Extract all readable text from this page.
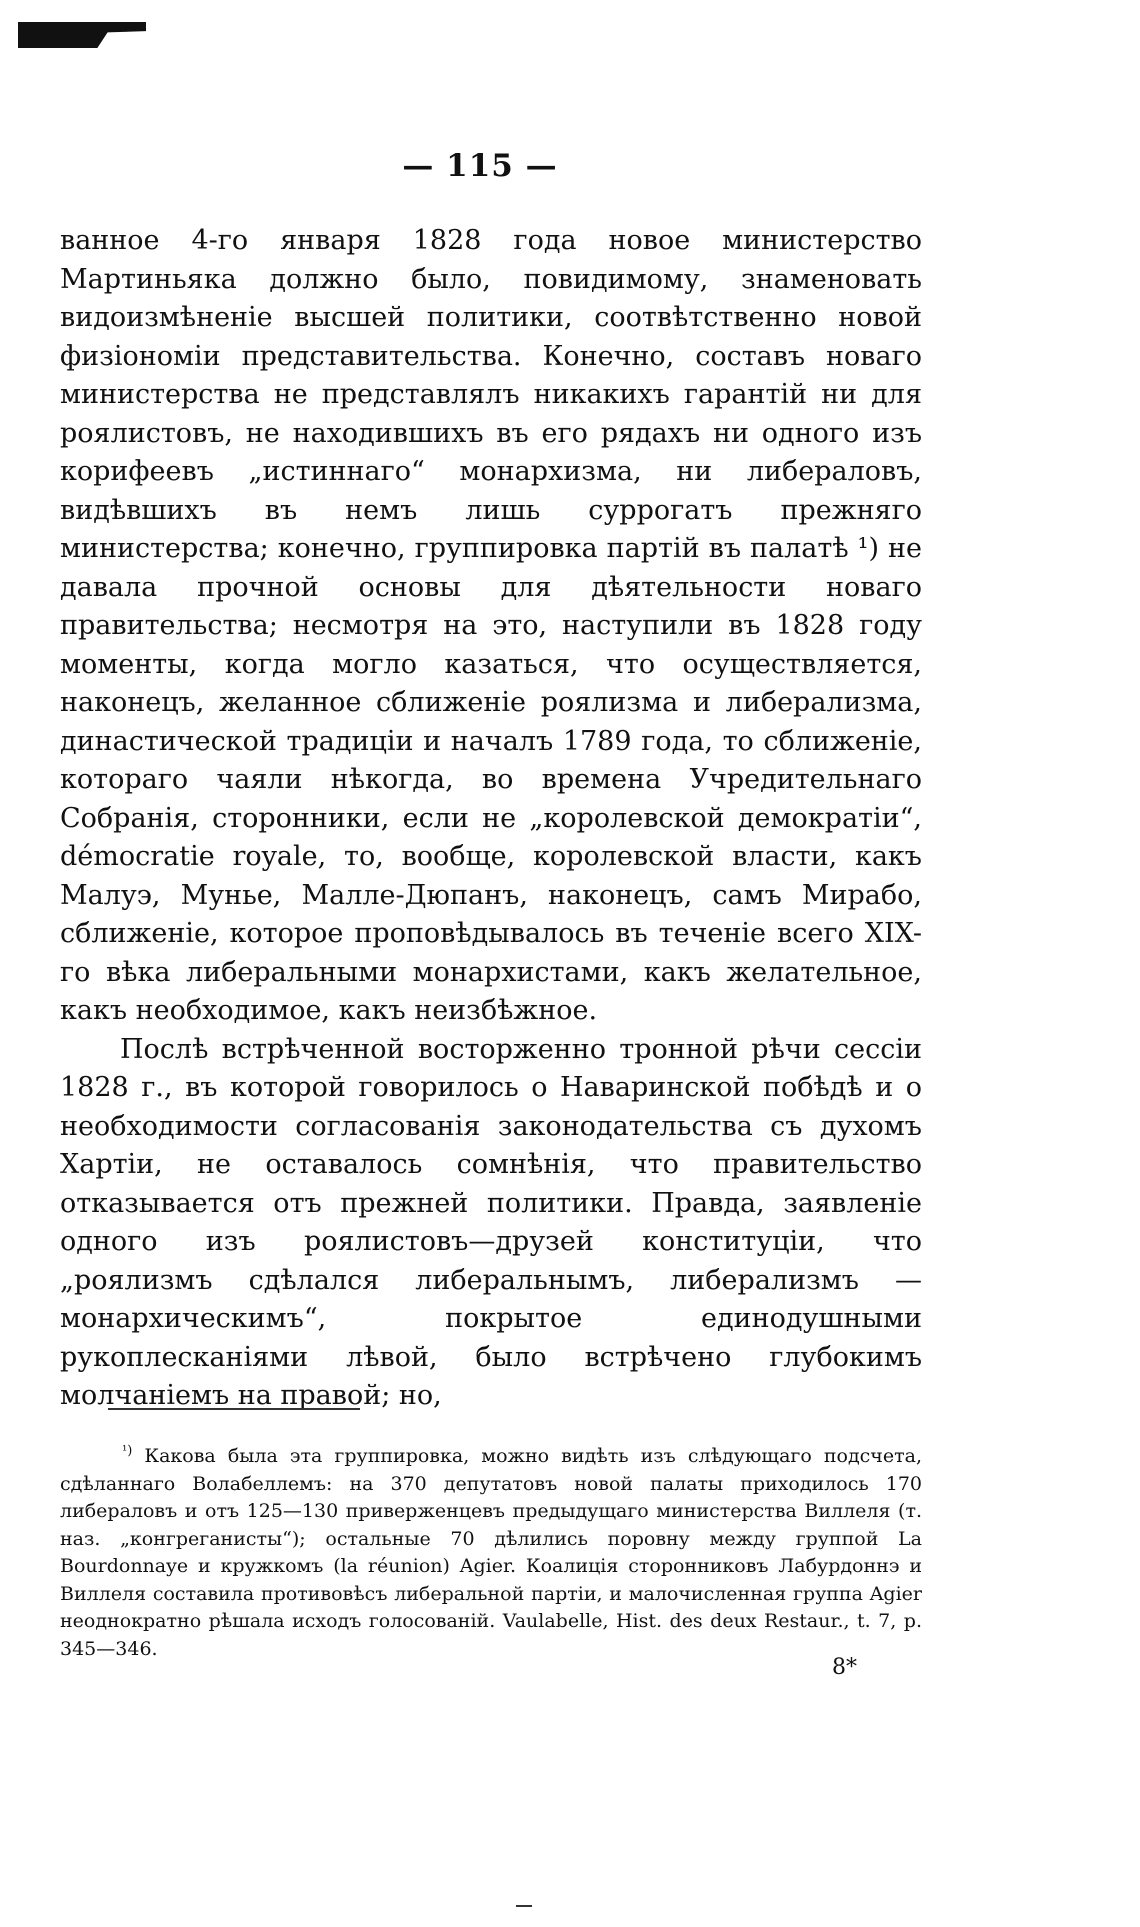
— 115 —

ванное 4-го января 1828 года новое министерство Мартиньяка должно было, повидимому, знаменовать видоизмѣненіе высшей политики, соотвѣтственно новой физіономіи представительства. Конечно, составъ новаго министерства не представлялъ никакихъ гарантій ни для роялистовъ, не находившихъ въ его рядахъ ни одного изъ корифеевъ „истиннаго“ монархизма, ни либераловъ, видѣвшихъ въ немъ лишь суррогатъ прежняго министерства; конечно, группировка партій въ палатѣ ¹) не давала прочной основы для дѣятельности новаго правительства; несмотря на это, наступили въ 1828 году моменты, когда могло казаться, что осуществляется, наконецъ, желанное сближеніе роялизма и либерализма, династической традиціи и началъ 1789 года, то сближеніе, котораго чаяли нѣкогда, во времена Учредительнаго Собранія, сторонники, если не „королевской демократіи“, démocratie royale, то, вообще, королевской власти, какъ Малуэ, Мунье, Малле-Дюпанъ, наконецъ, самъ Мирабо, сближеніе, которое проповѣдывалось въ теченіе всего XIX-го вѣка либеральными монархистами, какъ желательное, какъ необходимое, какъ неизбѣжное.

Послѣ встрѣченной восторженно тронной рѣчи сессіи 1828 г., въ которой говорилось о Наваринской побѣдѣ и о необходимости согласованія законодательства съ духомъ Хартіи, не оставалось сомнѣнія, что правительство отказывается отъ прежней политики. Правда, заявленіе одного изъ роялистовъ—друзей конституціи, что „роялизмъ сдѣлался либеральнымъ, либерализмъ — монархическимъ“, покрытое единодушными рукоплесканіями лѣвой, было встрѣчено глубокимъ молчаніемъ на правой; но,

$^{^1)}$ Какова была эта группировка, можно видѣть изъ слѣдующаго подсчета, сдѣланнаго Волабеллемъ: на 370 депутатовъ новой палаты приходилось 170 либераловъ и отъ 125—130 приверженцевъ предыдущаго министерства Виллеля (т. наз. „конгреганисты“); остальные 70 дѣлились поровну между группой La Bourdonnaye и кружкомъ (la réunion) Agier. Коалиція сторонниковъ Лабурдоннэ и Виллеля составила противовѣсъ либеральной партіи, и малочисленная группа Agier неоднократно рѣшала исходъ голосованій. Vaulabelle, Hist. des deux Restaur., t. 7, p. 345—346.

8*
